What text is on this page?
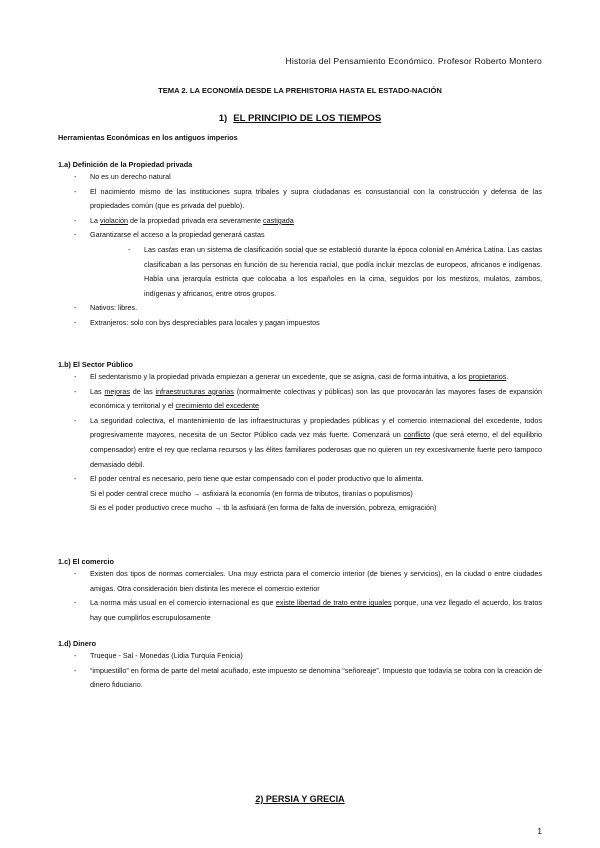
Historia del Pensamiento Económico. Profesor Roberto Montero
TEMA 2. LA ECONOMÍA DESDE LA PREHISTORIA HASTA EL ESTADO-NACIÓN
1) EL PRINCIPIO DE LOS TIEMPOS
Herramientas Económicas en los antiguos imperios
1.a) Definición de la Propiedad privada
- No es un derecho natural
- El nacimiento mismo de las instituciones supra tribales y supra ciudadanas es consustancial con la construcción y defensa de las propiedades común (que es privada del pueblo).
- La violación de la propiedad privada era severamente castigada
- Garantizarse el acceso a la propiedad generará castas
- Las castas eran un sistema de clasificación social que se estableció durante la época colonial en América Latina. Las castas clasificaban a las personas en función de su herencia racial, que podía incluir mezclas de europeos, africanos e indígenas. Había una jerarquía estricta que colocaba a los españoles en la cima, seguidos por los mestizos, mulatos, zambos, indígenas y africanos, entre otros grupos.
- Nativos: libres.
- Extranjeros: solo con bys despreciables para locales y pagan impuestos
1.b) El Sector Público
- El sedentarismo y la propiedad privada empiezan a generar un excedente, que se asigna, casi de forma intuitiva, a los propietarios.
- Las mejoras de las infraestructuras agrarias (normalmente colectivas y públicas) son las que provocarán las mayores fases de expansión económica y territorial y el crecimiento del excedente
- La seguridad colectiva, el mantenimiento de las infraestructuras y propiedades públicas y el comercio internacional del excedente, todos progresivamente mayores, necesita de un Sector Público cada vez más fuerte. Comenzará un conflicto (que será eterno, el del equilibrio compensador) entre el rey que reclama recursos y las élites familiares poderosas que no quieren un rey excesivamente fuerte pero tampoco demasiado débil.
- El poder central es necesario, pero tiene que estar compensado con el poder productivo que lo alimenta.
Si el poder central crece mucho → asfixiará la economía (en forma de tributos, tiranías o populismos)
Si es el poder productivo crece mucho → tb la asfixiará (en forma de falta de inversión, pobreza, emigración)
1.c) El comercio
- Existen dos tipos de normas comerciales. Una muy estricta para el comercio interior (de bienes y servicios), en la ciudad o entre ciudades amigas. Otra consideración bien distinta les merece el comercio exterior
- La norma más usual en el comercio internacional es que existe libertad de trato entre iguales porque, una vez llegado el acuerdo, los tratos hay que cumplirlos escrupulosamente
1.d) Dinero
- Trueque - Sal - Monedas (Lidia Turquía Fenicia)
- “impuestillo” en forma de parte del metal acuñado, este impuesto se denomina “señoreaje”. Impuesto que todavía se cobra con la creación de dinero fiduciario.
2) PERSIA Y GRECIA
1
